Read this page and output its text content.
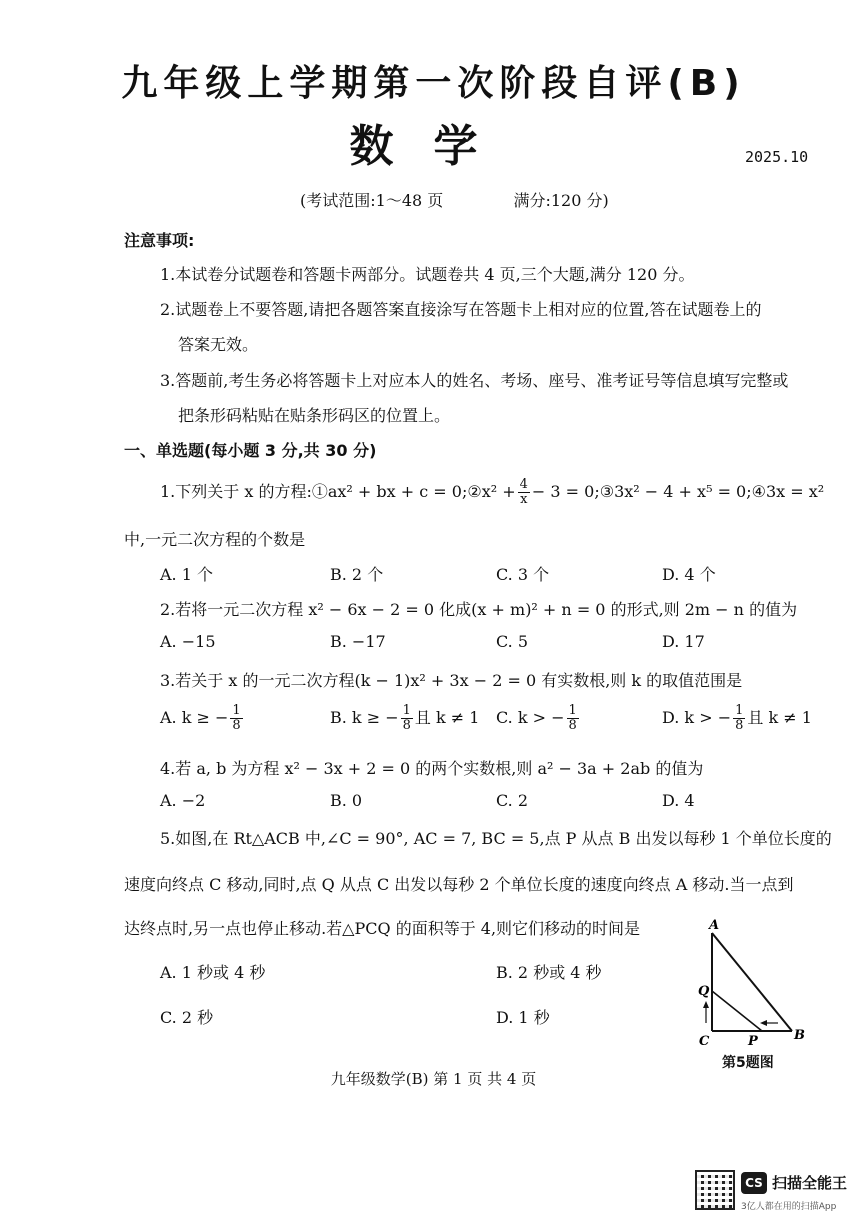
九年级上学期第一次阶段自评(B)
数学	2025.10
(考试范围:1～48 页	满分:120 分)
注意事项:
1.本试卷分试题卷和答题卡两部分。试题卷共 4 页,三个大题,满分 120 分。
2.试题卷上不要答题,请把各题答案直接涂写在答题卡上相对应的位置,答在试题卷上的
答案无效。
3.答题前,考生务必将答题卡上对应本人的姓名、考场、座号、准考证号等信息填写完整或
把条形码粘贴在贴条形码区的位置上。
一、单选题(每小题 3 分,共 30 分)
1.下列关于 x 的方程:①ax² + bx + c = 0;②x² + $\frac{4}{x} - 3$ = 0;③3x² − 4 + x⁵ = 0;④3x = x²
中,一元二次方程的个数是
A. 1 个	B. 2 个	C. 3 个	D. 4 个
2.若将一元二次方程 x² − 6x − 2 = 0 化成(x + m)² + n = 0 的形式,则 2m − n 的值为
A. −15	B. −17	C. 5	D. 17
3.若关于 x 的一元二次方程(k − 1)x² + 3x − 2 = 0 有实数根,则 k 的取值范围是
A. k ≥ − $\frac{1}{8}$	B. k ≥ − $\frac{1}{8}$ 且 k ≠ 1 C. k > − $\frac{1}{8}$	D. k > − $\frac{1}{8}$ 且 k ≠ 1
4.若 a, b 为方程 x² − 3x + 2 = 0 的两个实数根,则 a² − 3a + 2ab 的值为
A. −2	B. 0	C. 2	D. 4
5.如图,在 Rt△ACB 中,∠C = 90°, AC = 7, BC = 5,点 P 从点 B 出发以每秒 1 个单位长度的
速度向终点 C 移动,同时,点 Q 从点 C 出发以每秒 2 个单位长度的速度向终点 A 移动.当一点到
达终点时,另一点也停止移动.若△PCQ 的面积等于 4,则它们移动的时间是
A. 1 秒或 4 秒	B. 2 秒或 4 秒
C. 2 秒	D. 1 秒
A
Q
C	P	B
第5题图
九年级数学(B) 第 1 页 共 4 页
CS 扫描全能王
3亿人都在用的扫描App
